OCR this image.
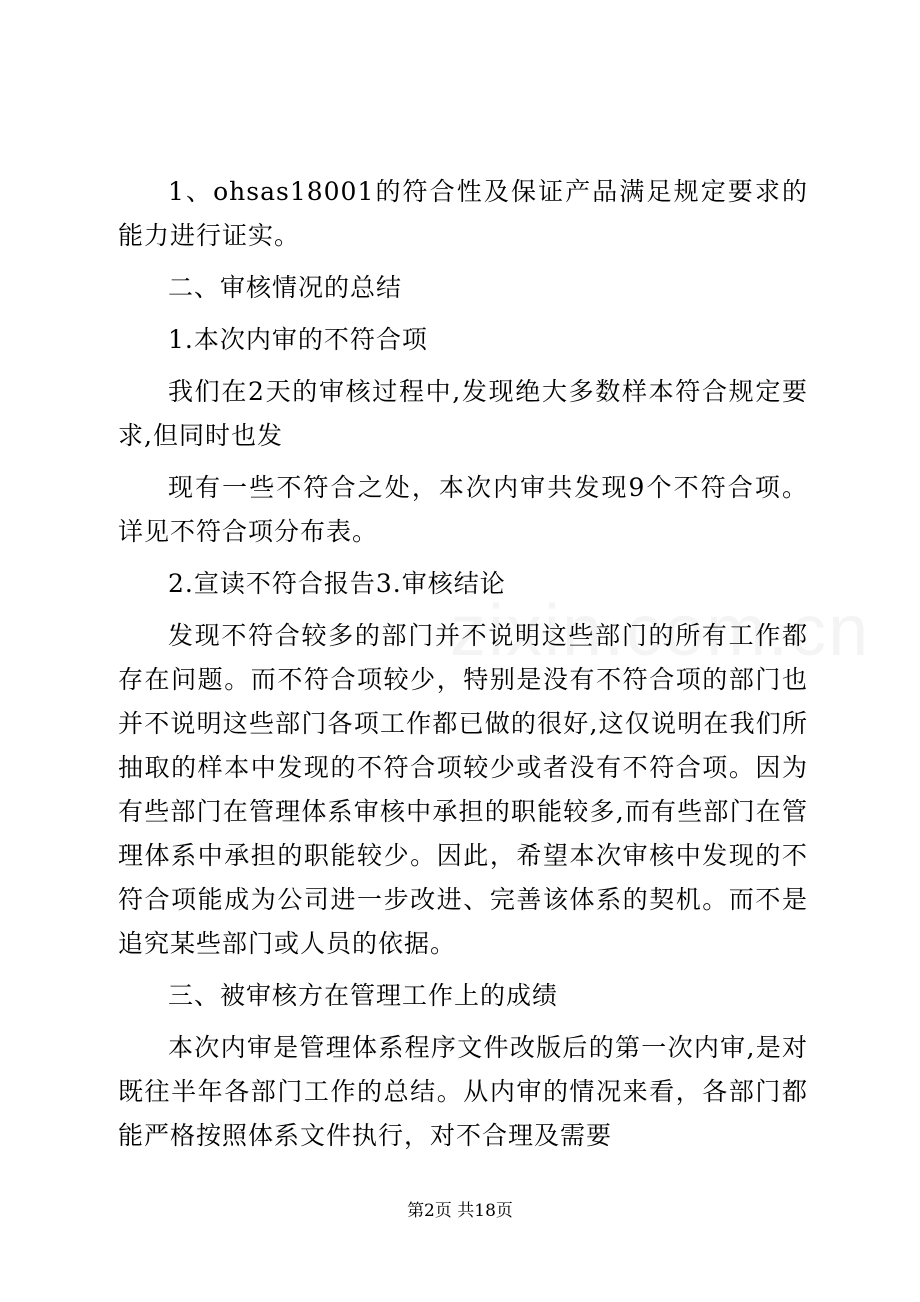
1、ohsas18001的符合性及保证产品满足规定要求的能力进行证实。

二、审核情况的总结

1.本次内审的不符合项

我们在2天的审核过程中,发现绝大多数样本符合规定要求,但同时也发

现有一些不符合之处，本次内审共发现9个不符合项。详见不符合项分布表。

2.宣读不符合报告3.审核结论

发现不符合较多的部门并不说明这些部门的所有工作都存在问题。而不符合项较少，特别是没有不符合项的部门也并不说明这些部门各项工作都已做的很好,这仅说明在我们所抽取的样本中发现的不符合项较少或者没有不符合项。因为有些部门在管理体系审核中承担的职能较多,而有些部门在管理体系中承担的职能较少。因此，希望本次审核中发现的不符合项能成为公司进一步改进、完善该体系的契机。而不是追究某些部门或人员的依据。

三、被审核方在管理工作上的成绩

本次内审是管理体系程序文件改版后的第一次内审,是对既往半年各部门工作的总结。从内审的情况来看，各部门都能严格按照体系文件执行，对不合理及需要

第2页 共18页
